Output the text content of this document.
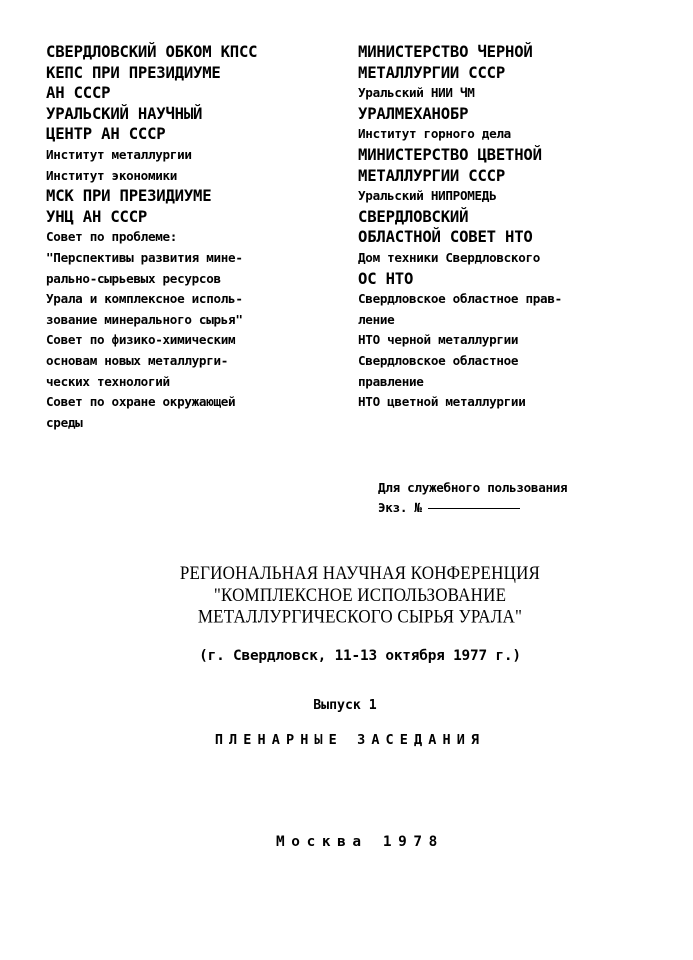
СВЕРДЛОВСКИЙ ОБКОМ КПСС
КЕПС ПРИ ПРЕЗИДИУМЕ
АН СССР
УРАЛЬСКИЙ НАУЧНЫЙ
ЦЕНТР АН СССР
Институт металлургии
Институт экономики
МСК ПРИ ПРЕЗИДИУМЕ
УНЦ АН СССР
Совет по проблеме:
"Перспективы развития мине-
рально-сырьевых ресурсов
Урала и комплексное исполь-
зование минерального сырья"
Совет по физико-химическим
основам новых металлурги-
ческих технологий
Совет по охране окружающей
среды
МИНИСТЕРСТВО ЧЕРНОЙ
МЕТАЛЛУРГИИ СССР
Уральский НИИ ЧМ
УРАЛМЕХАНОБР
Институт горного дела
МИНИСТЕРСТВО ЦВЕТНОЙ
МЕТАЛЛУРГИИ СССР
Уральский НИПРОМЕДЬ
СВЕРДЛОВСКИЙ
ОБЛАСТНОЙ СОВЕТ НТО
Дом техники Свердловского
ОС НТО
Свердловское областное прав-
ление
НТО черной металлургии
Свердловское областное
правление
НТО цветной металлургии
Для служебного пользования
Экз. №
РЕГИОНАЛЬНАЯ НАУЧНАЯ КОНФЕРЕНЦИЯ
"КОМПЛЕКСНОЕ ИСПОЛЬЗОВАНИЕ
МЕТАЛЛУРГИЧЕСКОГО СЫРЬЯ УРАЛА"
(г. Свердловск, 11-13 октября 1977 г.)
Выпуск 1
ПЛЕНАРНЫЕ ЗАСЕДАНИЯ
Москва 1978
